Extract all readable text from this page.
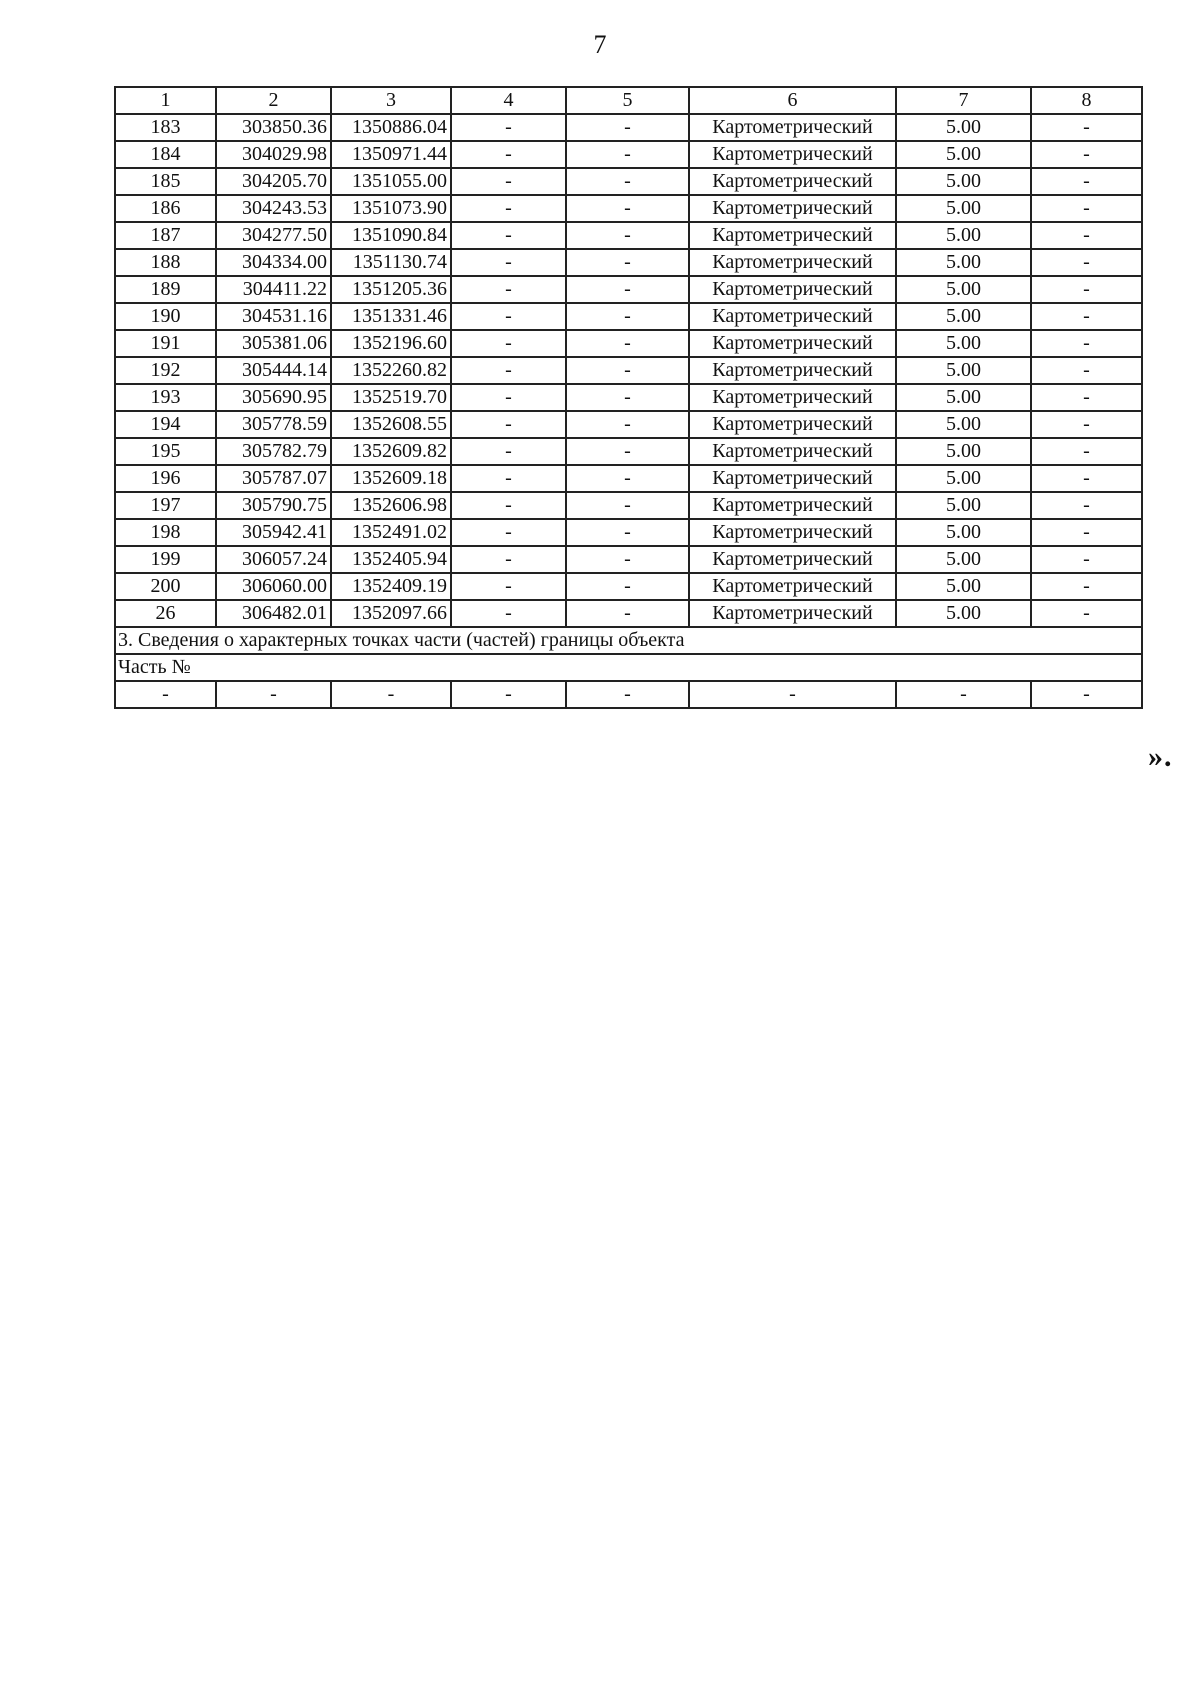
7
1	2	3	4	5	6	7	8
183	303850.36	1350886.04	-	-	Картометрический	5.00	-
184	304029.98	1350971.44	-	-	Картометрический	5.00	-
185	304205.70	1351055.00	-	-	Картометрический	5.00	-
186	304243.53	1351073.90	-	-	Картометрический	5.00	-
187	304277.50	1351090.84	-	-	Картометрический	5.00	-
188	304334.00	1351130.74	-	-	Картометрический	5.00	-
189	304411.22	1351205.36	-	-	Картометрический	5.00	-
190	304531.16	1351331.46	-	-	Картометрический	5.00	-
191	305381.06	1352196.60	-	-	Картометрический	5.00	-
192	305444.14	1352260.82	-	-	Картометрический	5.00	-
193	305690.95	1352519.70	-	-	Картометрический	5.00	-
194	305778.59	1352608.55	-	-	Картометрический	5.00	-
195	305782.79	1352609.82	-	-	Картометрический	5.00	-
196	305787.07	1352609.18	-	-	Картометрический	5.00	-
197	305790.75	1352606.98	-	-	Картометрический	5.00	-
198	305942.41	1352491.02	-	-	Картометрический	5.00	-
199	306057.24	1352405.94	-	-	Картометрический	5.00	-
200	306060.00	1352409.19	-	-	Картометрический	5.00	-
26	306482.01	1352097.66	-	-	Картометрический	5.00	-
3. Сведения о характерных точках части (частей) границы объекта							
Часть №							
-	-	-	-	-	-	-	-
».
